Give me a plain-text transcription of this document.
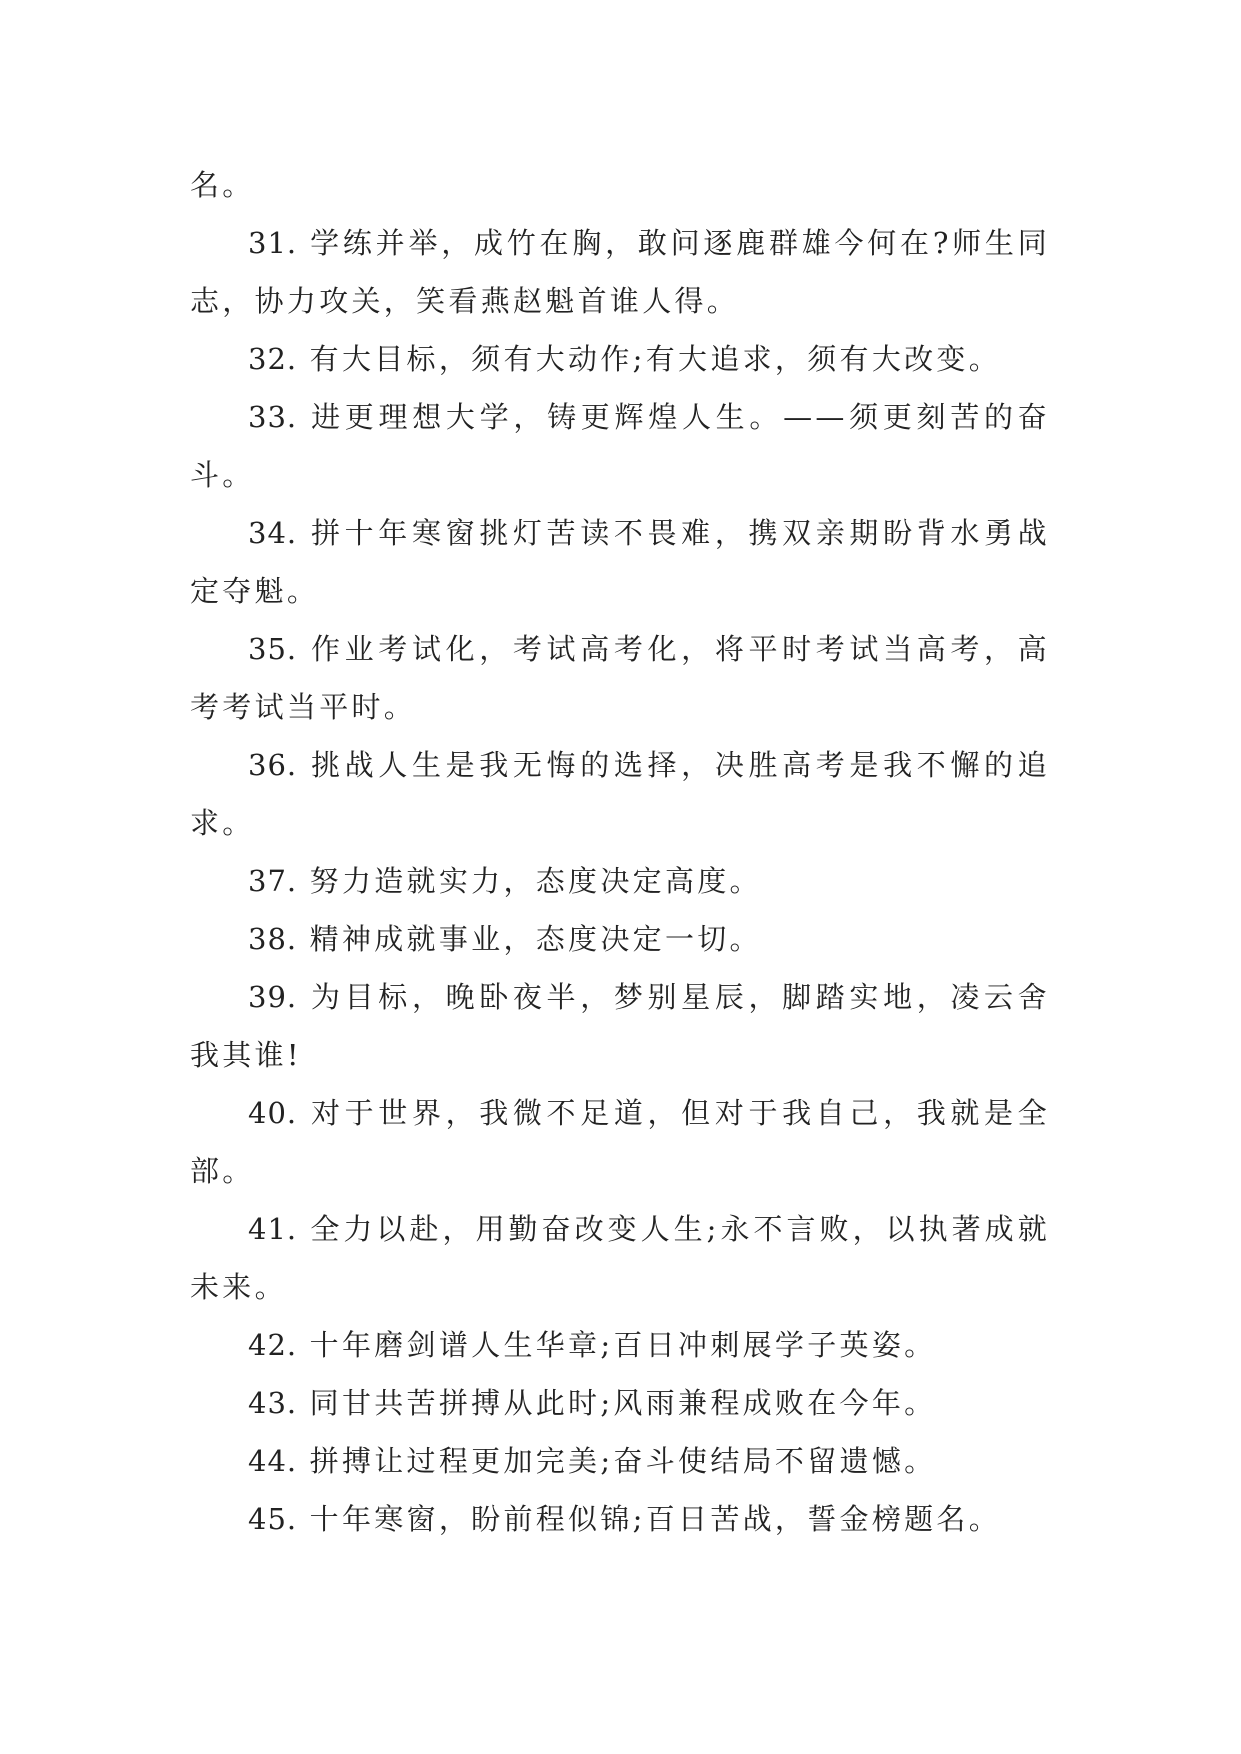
名。

31. 学练并举，成竹在胸，敢问逐鹿群雄今何在?师生同志，协力攻关，笑看燕赵魁首谁人得。

32. 有大目标，须有大动作;有大追求，须有大改变。

33. 进更理想大学，铸更辉煌人生。——须更刻苦的奋斗。

34. 拼十年寒窗挑灯苦读不畏难，携双亲期盼背水勇战定夺魁。

35. 作业考试化，考试高考化，将平时考试当高考，高考考试当平时。

36. 挑战人生是我无悔的选择，决胜高考是我不懈的追求。

37. 努力造就实力，态度决定高度。

38. 精神成就事业，态度决定一切。

39. 为目标，晚卧夜半，梦别星辰，脚踏实地，凌云舍我其谁!

40. 对于世界，我微不足道，但对于我自己，我就是全部。

41. 全力以赴，用勤奋改变人生;永不言败，以执著成就未来。

42. 十年磨剑谱人生华章;百日冲刺展学子英姿。

43. 同甘共苦拼搏从此时;风雨兼程成败在今年。

44. 拼搏让过程更加完美;奋斗使结局不留遗憾。

45. 十年寒窗，盼前程似锦;百日苦战，誓金榜题名。
